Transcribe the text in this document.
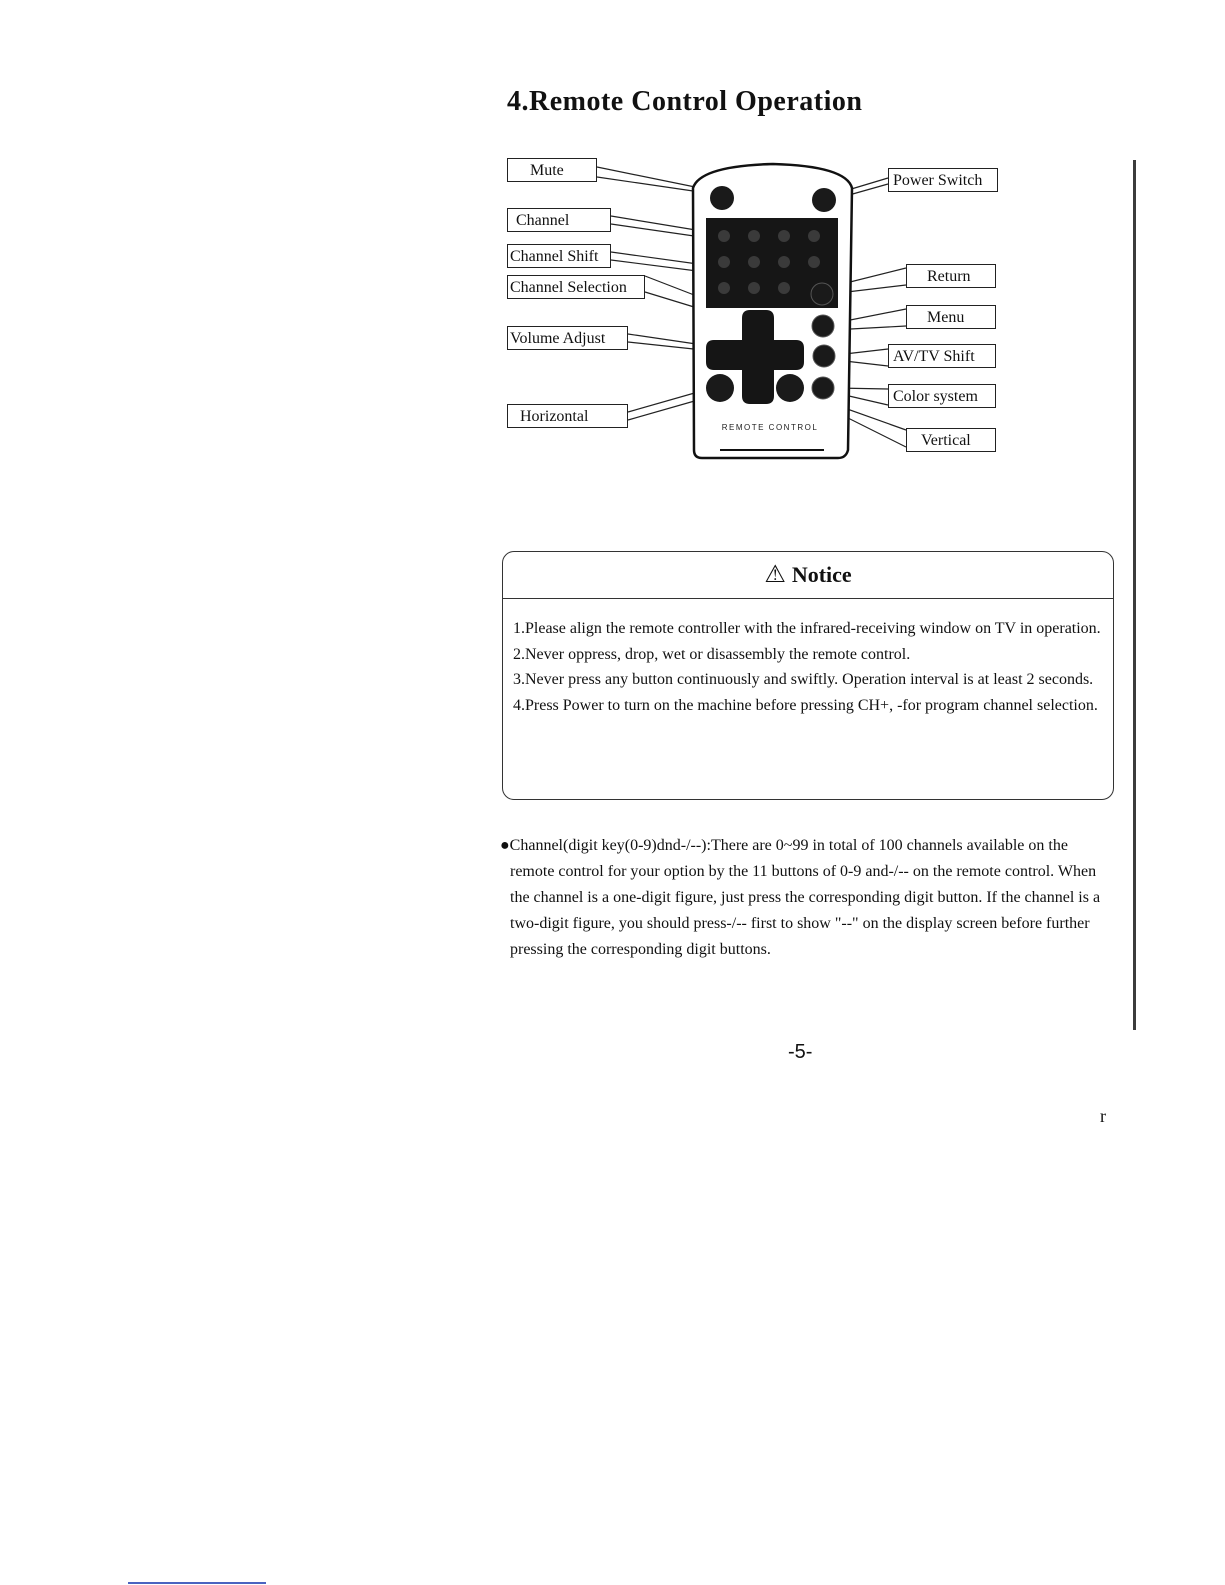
4.Remote Control Operation
REMOTE CONTROL
Mute
Channel
Channel Shift
Channel Selection
Volume Adjust
Horizontal
Power Switch
Return
Menu
AV/TV Shift
Color system
Vertical
⚠ Notice
1.Please align the remote controller with the infrared-receiving window on TV in operation.
2.Never oppress, drop, wet or disassembly the remote control.
3.Never press any button continuously and swiftly. Operation interval is at least 2 seconds.
4.Press Power to turn on the machine before pressing CH+, -for program channel selection.
●Channel(digit key(0-9)dnd-/--):There are 0~99 in total of 100 channels available on the remote control for your option by the 11 buttons of 0-9 and-/-- on the remote control. When the channel is a one-digit figure, just press the corresponding digit button. If the channel is a two-digit figure, you should press-/-- first to show "--" on the display screen before further pressing the corresponding digit buttons.
-5-
r
